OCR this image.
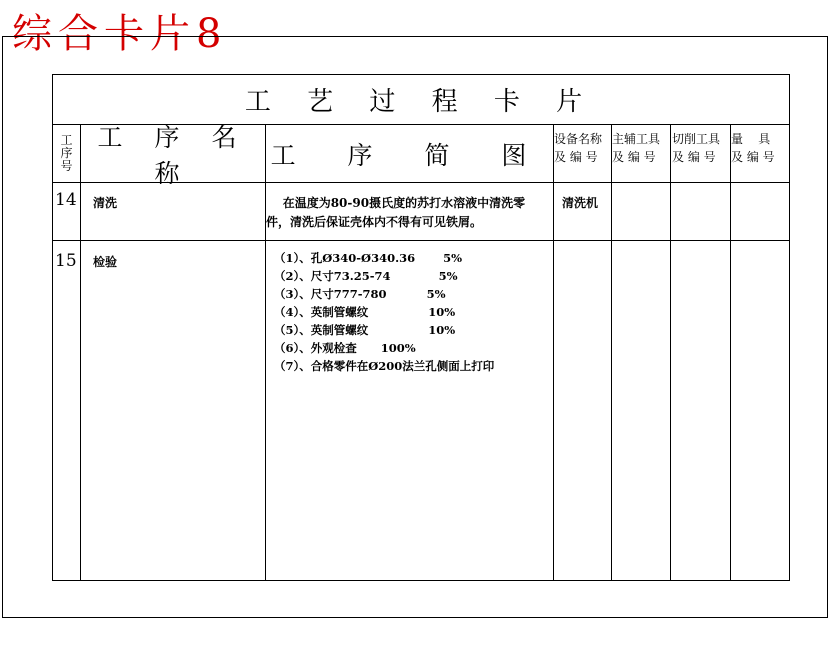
综合卡片8
工 艺 过 程 卡 片
工
序
号
工 序 名 称
工 序 简 图
设备名称
及 编 号
主辅工具
及 编 号
切削工具
及 编 号
量    具
及 编 号
14 清洗	在温度为80-90摄氏度的苏打水溶液中清洗零
件，清洗后保证壳体内不得有可见铁屑。
清洗机
15 检验	（1）、孔Ø340-Ø340.36       5%
（2）、尺寸73.25-74            5%
（3）、尺寸777-780          5%
（4）、英制管螺纹               10%
（5）、英制管螺纹               10%
（6）、外观检查      100%
（7）、合格零件在Ø200法兰孔侧面上打印
